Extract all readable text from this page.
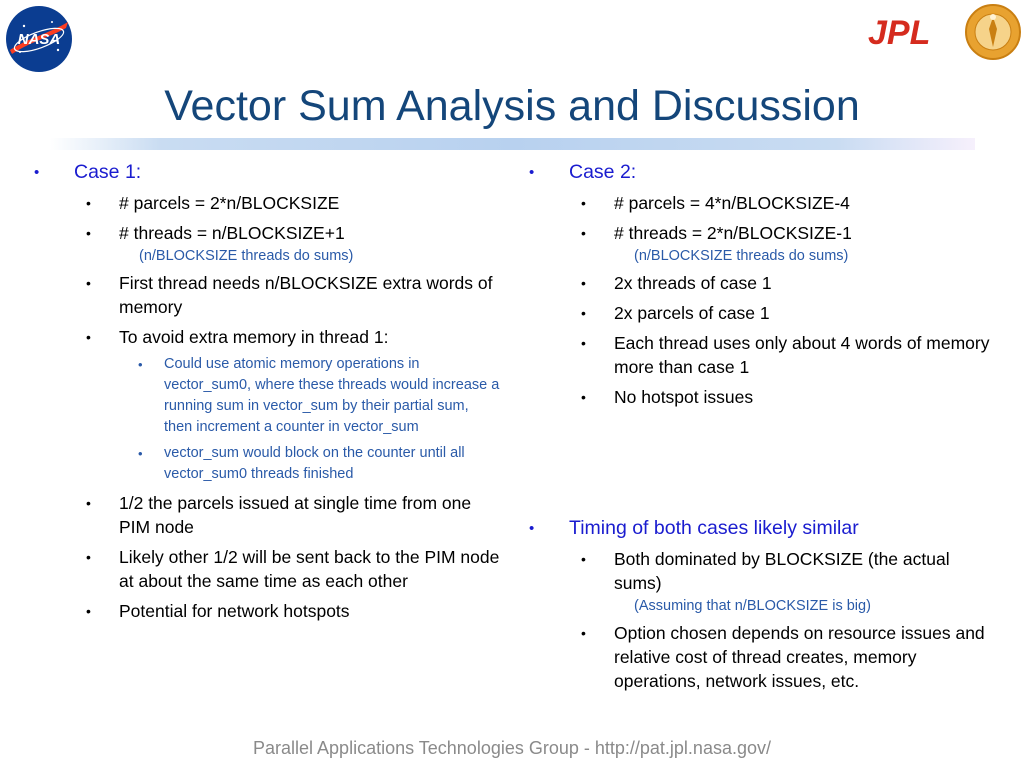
NASA	JPL
Vector Sum Analysis and Discussion
• Case 1:
• # parcels = 2*n/BLOCKSIZE
• # threads = n/BLOCKSIZE+1
(n/BLOCKSIZE threads do sums)
• First thread needs n/BLOCKSIZE extra words of memory
• To avoid extra memory in thread 1:
• Could use atomic memory operations in vector_sum0, where these threads would increase a running sum in vector_sum by their partial sum, then increment a counter in vector_sum
• vector_sum would block on the counter until all vector_sum0 threads finished
• 1/2 the parcels issued at single time from one PIM node
• Likely other 1/2 will be sent back to the PIM node at about the same time as each other
• Potential for network hotspots
• Case 2:
• # parcels = 4*n/BLOCKSIZE-4
• # threads = 2*n/BLOCKSIZE-1
(n/BLOCKSIZE threads do sums)
• 2x threads of case 1
• 2x parcels of case 1
• Each thread uses only about 4 words of memory more than case 1
• No hotspot issues
• Timing of both cases likely similar
• Both dominated by BLOCKSIZE (the actual sums)
(Assuming that n/BLOCKSIZE is big)
• Option chosen depends on resource issues and relative cost of thread creates, memory operations, network issues, etc.
Parallel Applications Technologies Group - http://pat.jpl.nasa.gov/
